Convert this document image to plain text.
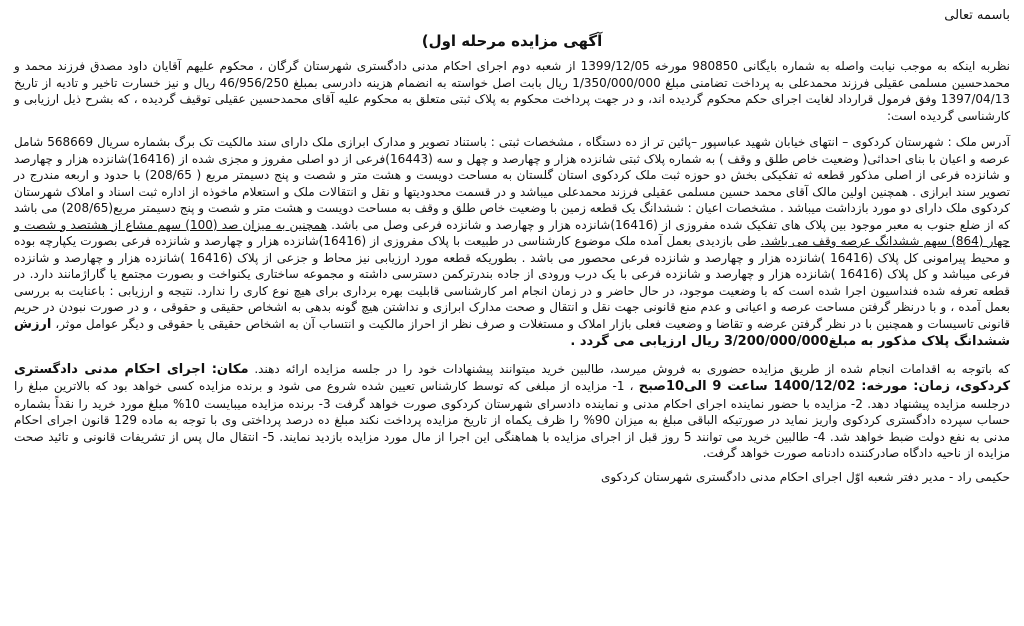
باسمه تعالی
آگهی مزایده مرحله اول)

نظربه اینکه به موجب نیابت واصله به شماره بایگانی 980850 مورخه 1399/12/05 از شعبه دوم اجرای احکام مدنی دادگستری شهرستان گرگان ، محکوم علیهم آقایان داود مصدق فرزند محمد و محمدحسین مسلمی عقیلی فرزند محمدعلی به پرداخت تضامنی مبلغ 1/350/000/000 ریال بابت اصل خواسته به انضمام هزینه دادرسی بمبلغ 46/956/250 ریال و نیز خسارت تاخیر و تادیه از تاریخ 1397/04/13 وفق فرمول قرارداد لغایت اجرای حکم محکوم گردیده اند، و در جهت پرداخت محکوم به پلاک ثبتی متعلق به محکوم علیه آقای محمدحسین عقیلی توقیف گردیده ، که بشرح ذیل ارزیابی و کارشناسی گردیده است:

آدرس ملک : شهرستان کردکوی – انتهای خیابان شهید عباسپور –پائین تر از ده دستگاه ، مشخصات ثبتی : باستناد تصویر و مدارک ابرازی ملک دارای سند مالکیت تک برگ بشماره سریال 568669 شامل عرصه و اعیان با بنای احداثی( وضعیت خاص طلق و وقف ) به شماره پلاک ثبتی شانزده هزار و چهارصد و چهل و سه (16443)فرعی از دو اصلی مفروز و مجزی شده از (16416)شانزده هزار و چهارصد و شانزده فرعی از اصلی مذکور قطعه ثه تفکیکی بخش دو حوزه ثبت ملک کردکوی استان گلستان به مساحت دویست و هشت متر و شصت و پنج دسیمتر مربع ( 208/65) با حدود و اربعه مندرج در تصویر سند ابرازی . همچنین اولین مالک آقای محمد حسین مسلمی عقیلی فرزند محمدعلی میباشد و در قسمت محدودیتها و نقل و انتقالات ملک و استعلام ماخوذه از اداره ثبت اسناد و املاک شهرستان کردکوی ملک دارای دو مورد بازداشت میباشد . مشخصات اعیان : ششدانگ یک قطعه زمین با وضعیت خاص طلق و وقف به مساحت دویست و هشت متر و شصت و پنج دسیمتر مربع(208/65) می باشد که از ضلع جنوب به معبر موجود بین پلاک های تفکیک شده مفروزی از (16416)شانزده هزار و چهارصد و شانزده فرعی وصل می باشد. همچنین به میزان صد (100) سهم مشاع از هشتصد و شصت و چهار (864) سهم ششدانگ عرصه وقف می باشد. طی بازدیدی بعمل آمده ملک موضوع کارشناسی در طبیعت با پلاک مفروزی از (16416)شانزده هزار و چهارصد و شانزده فرعی بصورت یکپارچه بوده و محیط پیرامونی کل پلاک (16416 )شانزده هزار و چهارصد و شانزده فرعی محصور می باشد . بطوریکه قطعه مورد ارزیابی نیز محاط و جزعی از پلاک (16416 )شانزده هزار و چهارصد و شانزده فرعی میباشد و کل پلاک (16416 )شانزده هزار و چهارصد و شانزده فرعی با یک درب ورودی از جاده بندرترکمن دسترسی داشته و مجموعه ساختاری یکنواخت و بصورت مجتمع یا گاراژمانند دارد. در قطعه تعرفه شده فنداسیون اجرا شده است که با وضعیت موجود، در حال حاضر و در زمان انجام امر کارشناسی قابلیت بهره برداری برای هیچ نوع کاری را ندارد. نتیجه و ارزیابی : باعنایت به بررسی بعمل آمده ، و با درنظر گرفتن مساحت عرصه و اعیانی و عدم منع قانونی جهت نقل و انتقال و صحت مدارک ابرازی و نداشتن هیچ گونه بدهی به اشخاص حقیقی و حقوقی ، و در صورت نبودن در حریم قانونی تاسیسات و همچنین با در نظر گرفتن عرضه و تقاضا و وضعیت فعلی بازار املاک و مستغلات و صرف نظر از احراز مالکیت و انتساب آن به اشخاص حقیقی یا حقوقی و دیگر عوامل موثر، ارزش ششدانگ پلاک مذکور به مبلغ3/200/000/000 ریال ارزیابی می گردد .

که باتوجه به اقدامات انجام شده از طریق مزایده حضوری به فروش میرسد، طالبین خرید میتوانند پیشنهادات خود را در جلسه مزایده ارائه دهند. مکان: اجرای احکام مدنی دادگستری کردکوی، زمان: مورخه: 1400/12/02 ساعت 9 الی10صبح ، 1- مزایده از مبلغی که توسط کارشناس تعیین شده شروع می شود و برنده مزایده کسی خواهد بود که بالاترین مبلغ را درجلسه مزایده پیشنهاد دهد. 2- مزایده با حضور نماینده اجرای احکام مدنی و نماینده دادسرای شهرستان کردکوی صورت خواهد گرفت 3- برنده مزایده میبایست 10% مبلغ مورد خرید را نقداً بشماره حساب سپرده دادگستری کردکوی واریز نماید در صورتیکه الباقی مبلغ به میزان 90% را ظرف یکماه از تاریخ مزایده پرداخت نکند مبلغ ده درصد پرداختی وی با توجه به ماده 129 قانون اجرای احکام مدنی به نفع دولت ضبط خواهد شد. 4- طالبین خرید می توانند 5 روز قبل از اجرای مزایده با هماهنگی این اجرا از مال مورد مزایده بازدید نمایند. 5- انتقال مال پس از تشریفات قانونی و تائید صحت مزایده از ناحیه دادگاه صادرکننده دادنامه صورت خواهد گرفت.

حکیمی راد - مدیر دفتر شعبه اوّل اجرای احکام مدنی دادگستری شهرستان کردکوی
